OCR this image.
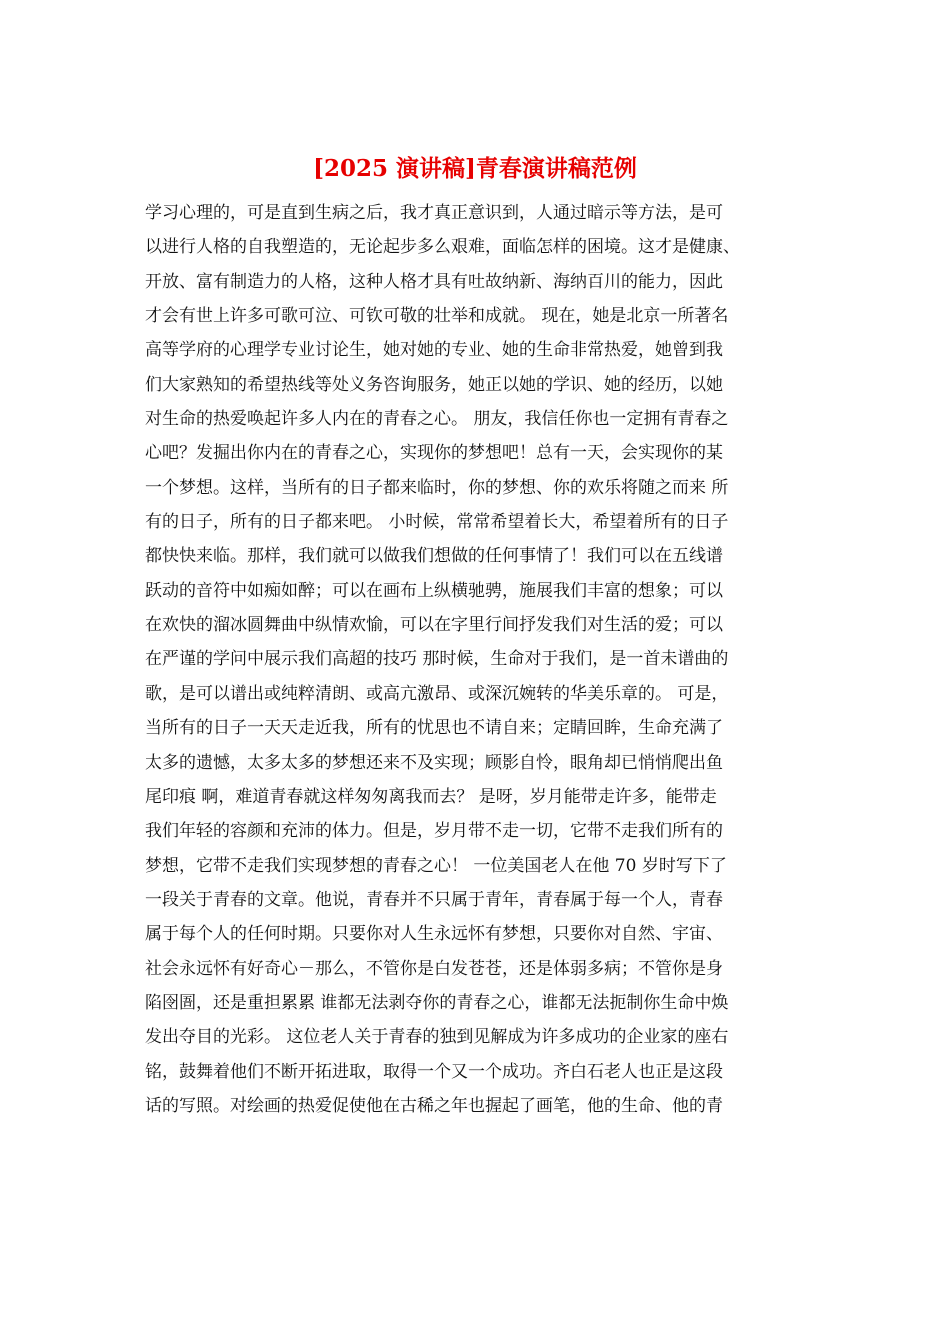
[2025 演讲稿]青春演讲稿范例
学习心理的，可是直到生病之后，我才真正意识到，人通过暗示等方法，是可
以进行人格的自我塑造的，无论起步多么艰难，面临怎样的困境。这才是健康、
开放、富有制造力的人格，这种人格才具有吐故纳新、海纳百川的能力，因此
才会有世上许多可歌可泣、可钦可敬的壮举和成就。 现在，她是北京一所著名
高等学府的心理学专业讨论生，她对她的专业、她的生命非常热爱，她曾到我
们大家熟知的希望热线等处义务咨询服务，她正以她的学识、她的经历，以她
对生命的热爱唤起许多人内在的青春之心。 朋友，我信任你也一定拥有青春之
心吧？发掘出你内在的青春之心，实现你的梦想吧！总有一天，会实现你的某
一个梦想。这样，当所有的日子都来临时，你的梦想、你的欢乐将随之而来 所
有的日子，所有的日子都来吧。 小时候，常常希望着长大，希望着所有的日子
都快快来临。那样，我们就可以做我们想做的任何事情了！我们可以在五线谱
跃动的音符中如痴如醉；可以在画布上纵横驰骋，施展我们丰富的想象；可以
在欢快的溜冰圆舞曲中纵情欢愉，可以在字里行间抒发我们对生活的爱；可以
在严谨的学问中展示我们高超的技巧 那时候，生命对于我们，是一首未谱曲的
歌，是可以谱出或纯粹清朗、或高亢激昂、或深沉婉转的华美乐章的。 可是，
当所有的日子一天天走近我，所有的忧思也不请自来；定睛回眸，生命充满了
太多的遗憾，太多太多的梦想还来不及实现；顾影自怜，眼角却已悄悄爬出鱼
尾印痕 啊，难道青春就这样匆匆离我而去？ 是呀，岁月能带走许多，能带走
我们年轻的容颜和充沛的体力。但是，岁月带不走一切，它带不走我们所有的
梦想，它带不走我们实现梦想的青春之心！ 一位美国老人在他 70 岁时写下了
一段关于青春的文章。他说，青春并不只属于青年，青春属于每一个人，青春
属于每个人的任何时期。只要你对人生永远怀有梦想，只要你对自然、宇宙、
社会永远怀有好奇心－那么，不管你是白发苍苍，还是体弱多病；不管你是身
陷囹圄，还是重担累累 谁都无法剥夺你的青春之心，谁都无法扼制你生命中焕
发出夺目的光彩。 这位老人关于青春的独到见解成为许多成功的企业家的座右
铭，鼓舞着他们不断开拓进取，取得一个又一个成功。齐白石老人也正是这段
话的写照。对绘画的热爱促使他在古稀之年也握起了画笔，他的生命、他的青
